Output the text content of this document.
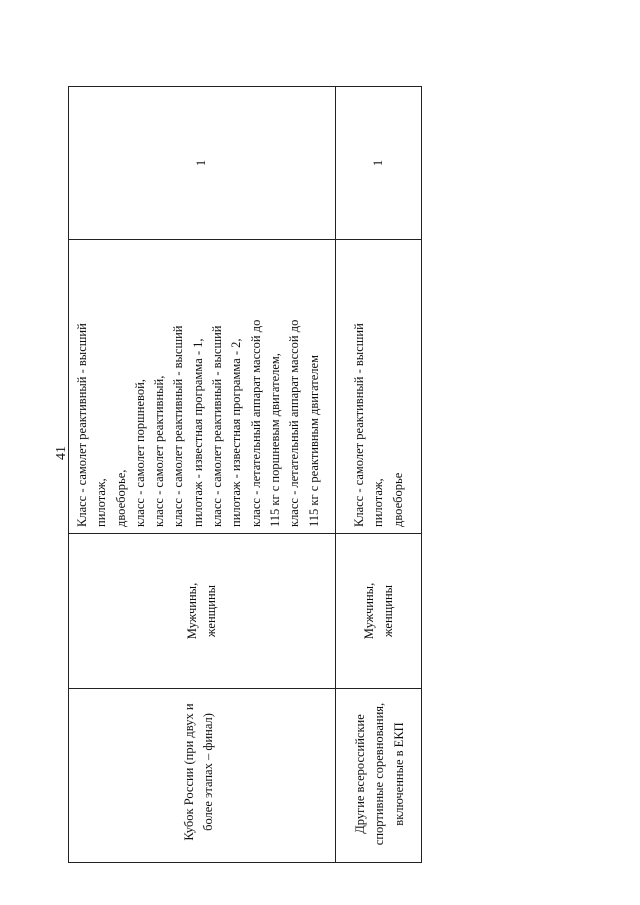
41
1
Класс - самолет реактивный - высший пилотаж, двоеборье, класс - самолет поршневой, класс - самолет реактивный, класс - самолет реактивный - высший пилотаж - известная программа - 1, класс - самолет реактивный - высший пилотаж - известная программа - 2, класс - летательный аппарат массой до 115 кг с поршневым двигателем, класс - летательный аппарат массой до 115 кг с реактивным двигателем
Мужчины, женщины
Кубок России (при двух и более этапах – финал)
1
Класс - самолет реактивный - высший пилотаж, двоеборье
Мужчины, женщины
Другие всероссийские спортивные соревнования, включенные в ЕКП
